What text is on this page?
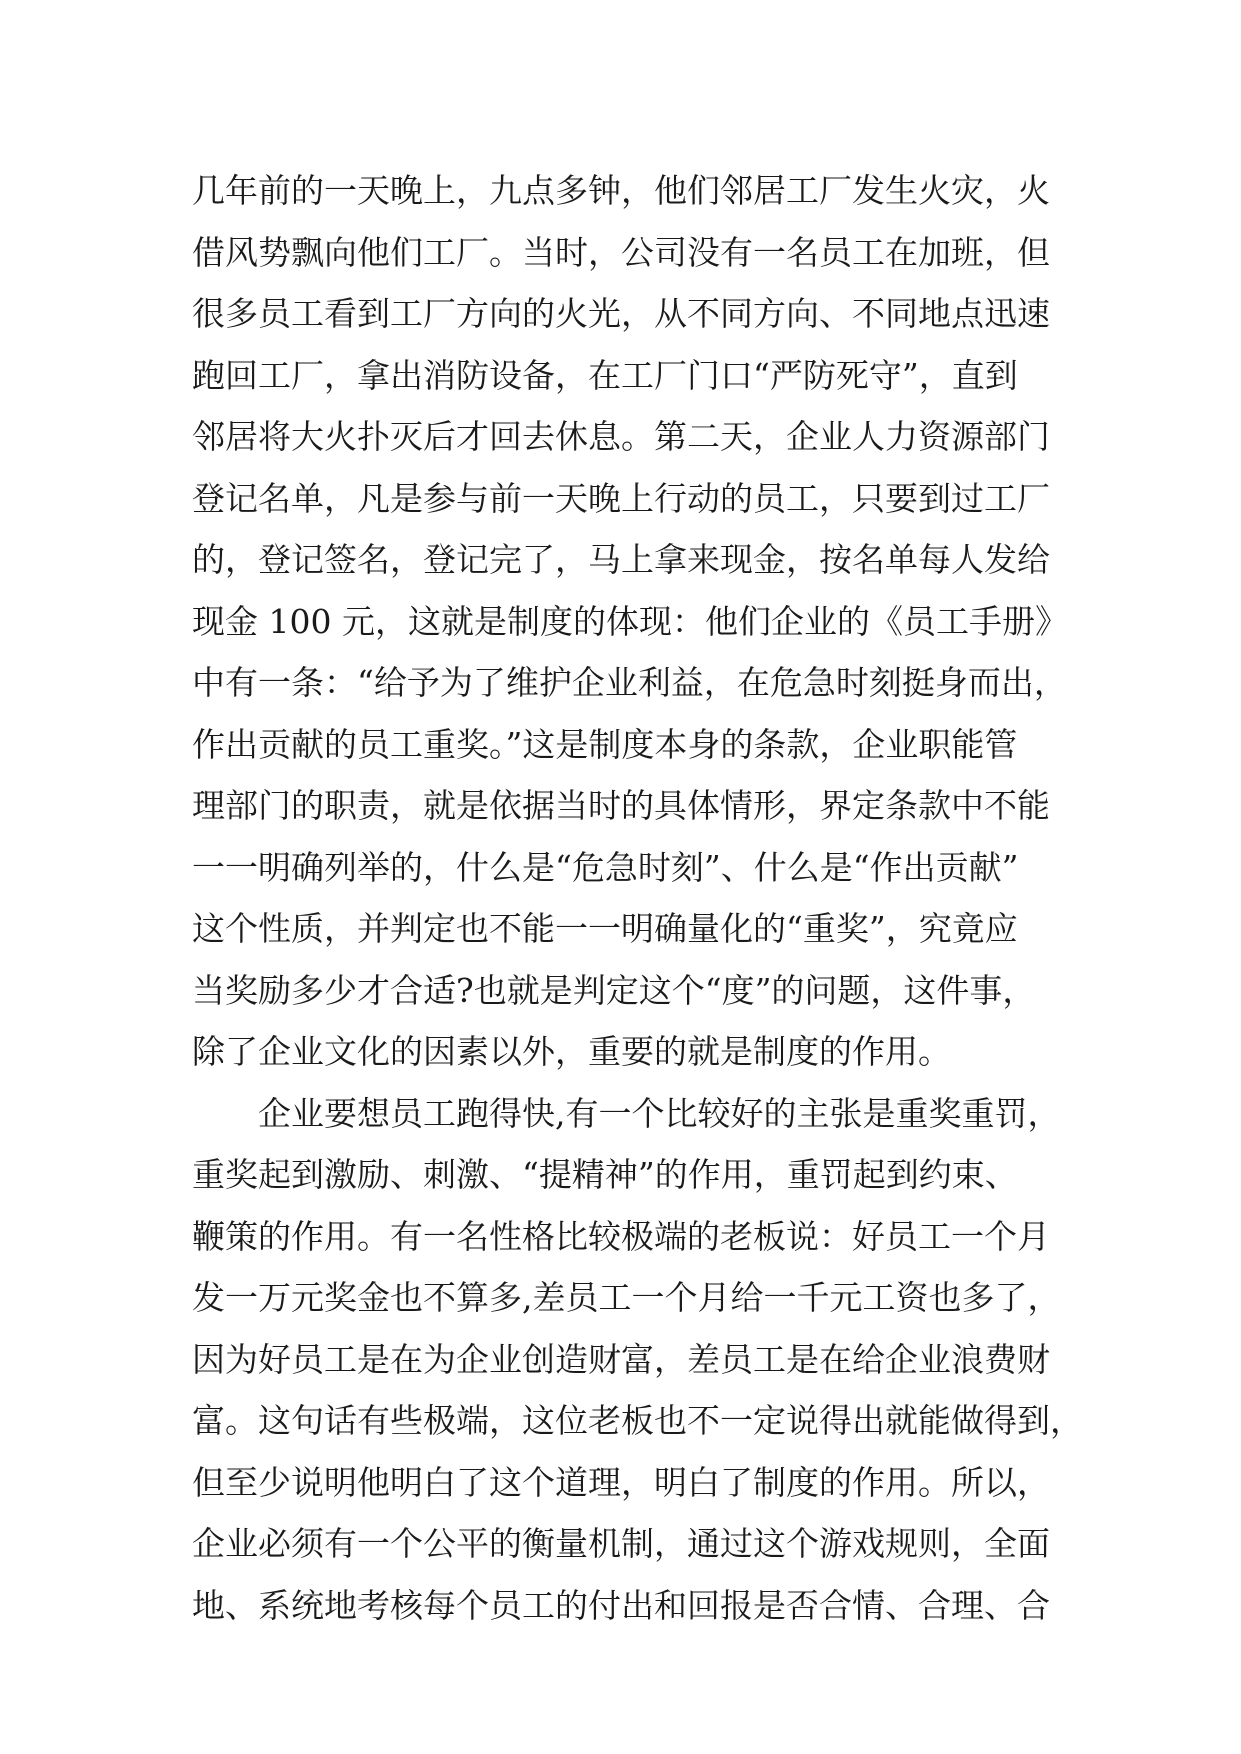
几年前的一天晚上，九点多钟，他们邻居工厂发生火灾，火
借风势飘向他们工厂。当时，公司没有一名员工在加班，但
很多员工看到工厂方向的火光，从不同方向、不同地点迅速
跑回工厂，拿出消防设备，在工厂门口“严防死守”，直到
邻居将大火扑灭后才回去休息。第二天，企业人力资源部门
登记名单，凡是参与前一天晚上行动的员工，只要到过工厂
的，登记签名，登记完了，马上拿来现金，按名单每人发给
现金 100 元，这就是制度的体现：他们企业的《员工手册》
中有一条：“给予为了维护企业利益，在危急时刻挺身而出，
作出贡献的员工重奖。”这是制度本身的条款，企业职能管
理部门的职责，就是依据当时的具体情形，界定条款中不能
一一明确列举的，什么是“危急时刻”、什么是“作出贡献”
这个性质，并判定也不能一一明确量化的“重奖”，究竟应
当奖励多少才合适?也就是判定这个“度”的问题，这件事，
除了企业文化的因素以外，重要的就是制度的作用。
　　企业要想员工跑得快,有一个比较好的主张是重奖重罚，
重奖起到激励、刺激、“提精神”的作用，重罚起到约束、
鞭策的作用。有一名性格比较极端的老板说：好员工一个月
发一万元奖金也不算多,差员工一个月给一千元工资也多了，
因为好员工是在为企业创造财富，差员工是在给企业浪费财
富。这句话有些极端，这位老板也不一定说得出就能做得到，
但至少说明他明白了这个道理，明白了制度的作用。所以，
企业必须有一个公平的衡量机制，通过这个游戏规则，全面
地、系统地考核每个员工的付出和回报是否合情、合理、合
